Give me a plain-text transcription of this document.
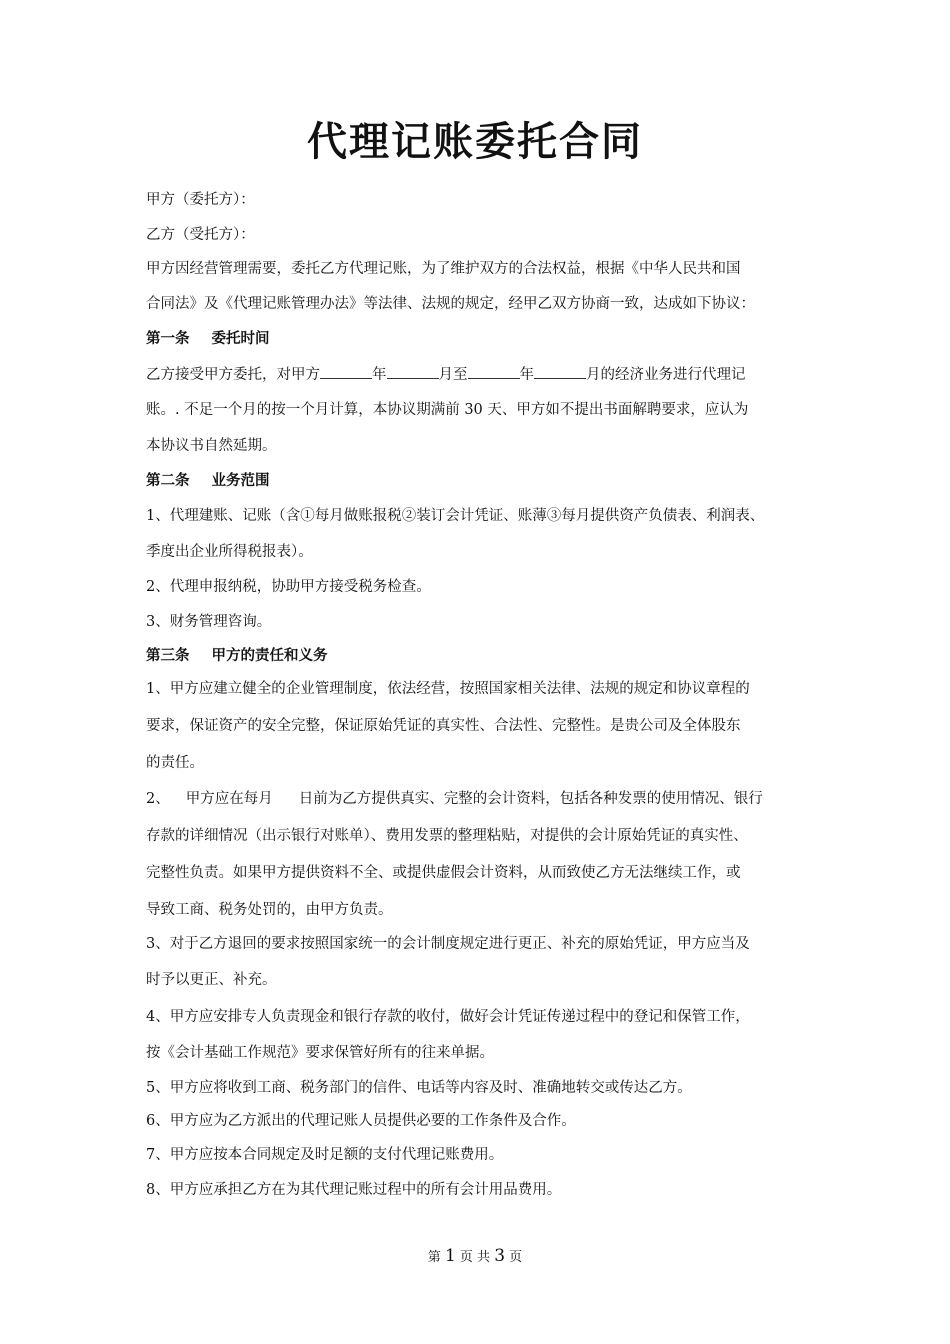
代理记账委托合同
甲方（委托方）：
乙方（受托方）：
甲方因经营管理需要，委托乙方代理记账，为了维护双方的合法权益，根据《中华人民共和国
合同法》及《代理记账管理办法》等法律、法规的规定，经甲乙双方协商一致，达成如下协议：
第一条 委托时间
乙方接受甲方委托，对甲方	年	月至	年	月的经济业务进行代理记
账。. 不足一个月的按一个月计算，本协议期满前 30 天、甲方如不提出书面解聘要求，应认为
本协议书自然延期。
第二条 业务范围
1、代理建账、记账（含①每月做账报税②装订会计凭证、账薄③每月提供资产负债表、利润表、
季度出企业所得税报表）。
2、代理申报纳税，协助甲方接受税务检查。
3、财务管理咨询。
第三条 甲方的责任和义务
1、甲方应建立健全的企业管理制度，依法经营，按照国家相关法律、法规的规定和协议章程的
要求，保证资产的安全完整，保证原始凭证的真实性、合法性、完整性。是贵公司及全体股东
的责任。
2、 甲方应在每月 日前为乙方提供真实、完整的会计资料，包括各种发票的使用情况、银行
存款的详细情况（出示银行对账单）、费用发票的整理粘贴，对提供的会计原始凭证的真实性、
完整性负责。如果甲方提供资料不全、或提供虚假会计资料，从而致使乙方无法继续工作，或
导致工商、税务处罚的，由甲方负责。
3、对于乙方退回的要求按照国家统一的会计制度规定进行更正、补充的原始凭证，甲方应当及
时予以更正、补充。
4、甲方应安排专人负责现金和银行存款的收付，做好会计凭证传递过程中的登记和保管工作，
按《会计基础工作规范》要求保管好所有的往来单据。
5、甲方应将收到工商、税务部门的信件、电话等内容及时、准确地转交或传达乙方。
6、甲方应为乙方派出的代理记账人员提供必要的工作条件及合作。
7、甲方应按本合同规定及时足额的支付代理记账费用。
8、甲方应承担乙方在为其代理记账过程中的所有会计用品费用。
第 1 页 共 3 页
